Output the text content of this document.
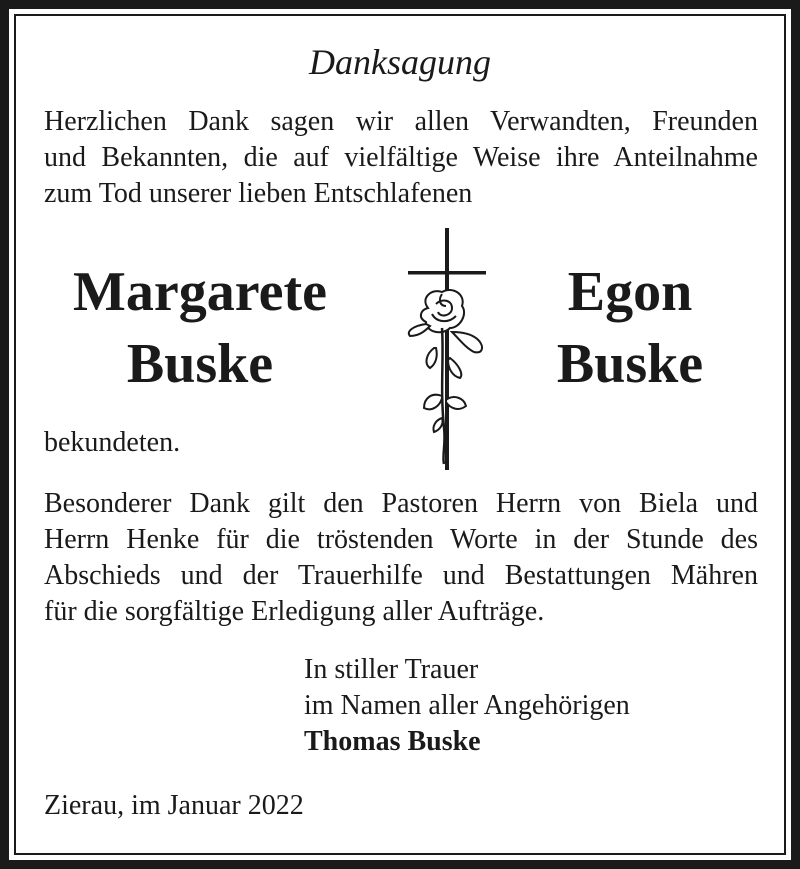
Danksagung
Herzlichen Dank sagen wir allen Verwandten, Freunden
und Bekannten, die auf vielfältige Weise ihre Anteilnahme
zum Tod unserer lieben Entschlafenen
Margarete
Buske
Egon
Buske
bekundeten.
Besonderer Dank gilt den Pastoren Herrn von Biela und
Herrn Henke für die tröstenden Worte in der Stunde des
Abschieds und der Trauerhilfe und Bestattungen Mähren
für die sorgfältige Erledigung aller Aufträge.
In stiller Trauer
im Namen aller Angehörigen
Thomas Buske
Zierau, im Januar 2022
